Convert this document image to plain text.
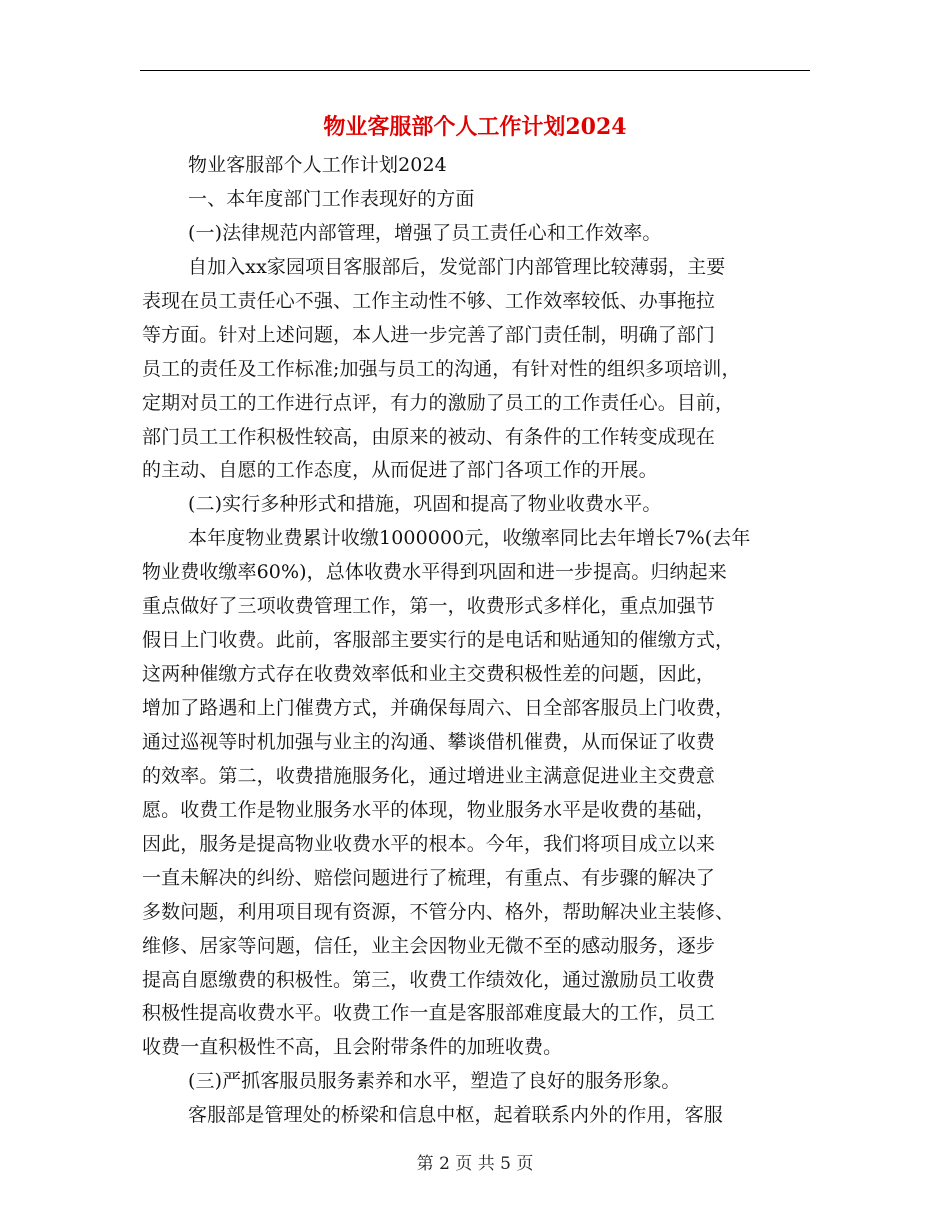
物业客服部个人工作计划2024
物业客服部个人工作计划2024
一、本年度部门工作表现好的方面
(一)法律规范内部管理，增强了员工责任心和工作效率。
自加入xx家园项目客服部后，发觉部门内部管理比较薄弱，主要
表现在员工责任心不强、工作主动性不够、工作效率较低、办事拖拉
等方面。针对上述问题，本人进一步完善了部门责任制，明确了部门
员工的责任及工作标准;加强与员工的沟通，有针对性的组织多项培训，
定期对员工的工作进行点评，有力的激励了员工的工作责任心。目前，
部门员工工作积极性较高，由原来的被动、有条件的工作转变成现在
的主动、自愿的工作态度，从而促进了部门各项工作的开展。
(二)实行多种形式和措施，巩固和提高了物业收费水平。
本年度物业费累计收缴1000000元，收缴率同比去年增长7%(去年
物业费收缴率60%)，总体收费水平得到巩固和进一步提高。归纳起来
重点做好了三项收费管理工作，第一，收费形式多样化，重点加强节
假日上门收费。此前，客服部主要实行的是电话和贴通知的催缴方式，
这两种催缴方式存在收费效率低和业主交费积极性差的问题，因此，
增加了路遇和上门催费方式，并确保每周六、日全部客服员上门收费，
通过巡视等时机加强与业主的沟通、攀谈借机催费，从而保证了收费
的效率。第二，收费措施服务化，通过增进业主满意促进业主交费意
愿。收费工作是物业服务水平的体现，物业服务水平是收费的基础，
因此，服务是提高物业收费水平的根本。今年，我们将项目成立以来
一直未解决的纠纷、赔偿问题进行了梳理，有重点、有步骤的解决了
多数问题，利用项目现有资源，不管分内、格外，帮助解决业主装修、
维修、居家等问题，信任，业主会因物业无微不至的感动服务，逐步
提高自愿缴费的积极性。第三，收费工作绩效化，通过激励员工收费
积极性提高收费水平。收费工作一直是客服部难度最大的工作，员工
收费一直积极性不高，且会附带条件的加班收费。
(三)严抓客服员服务素养和水平，塑造了良好的服务形象。
客服部是管理处的桥梁和信息中枢，起着联系内外的作用，客服
第 2 页 共 5 页
